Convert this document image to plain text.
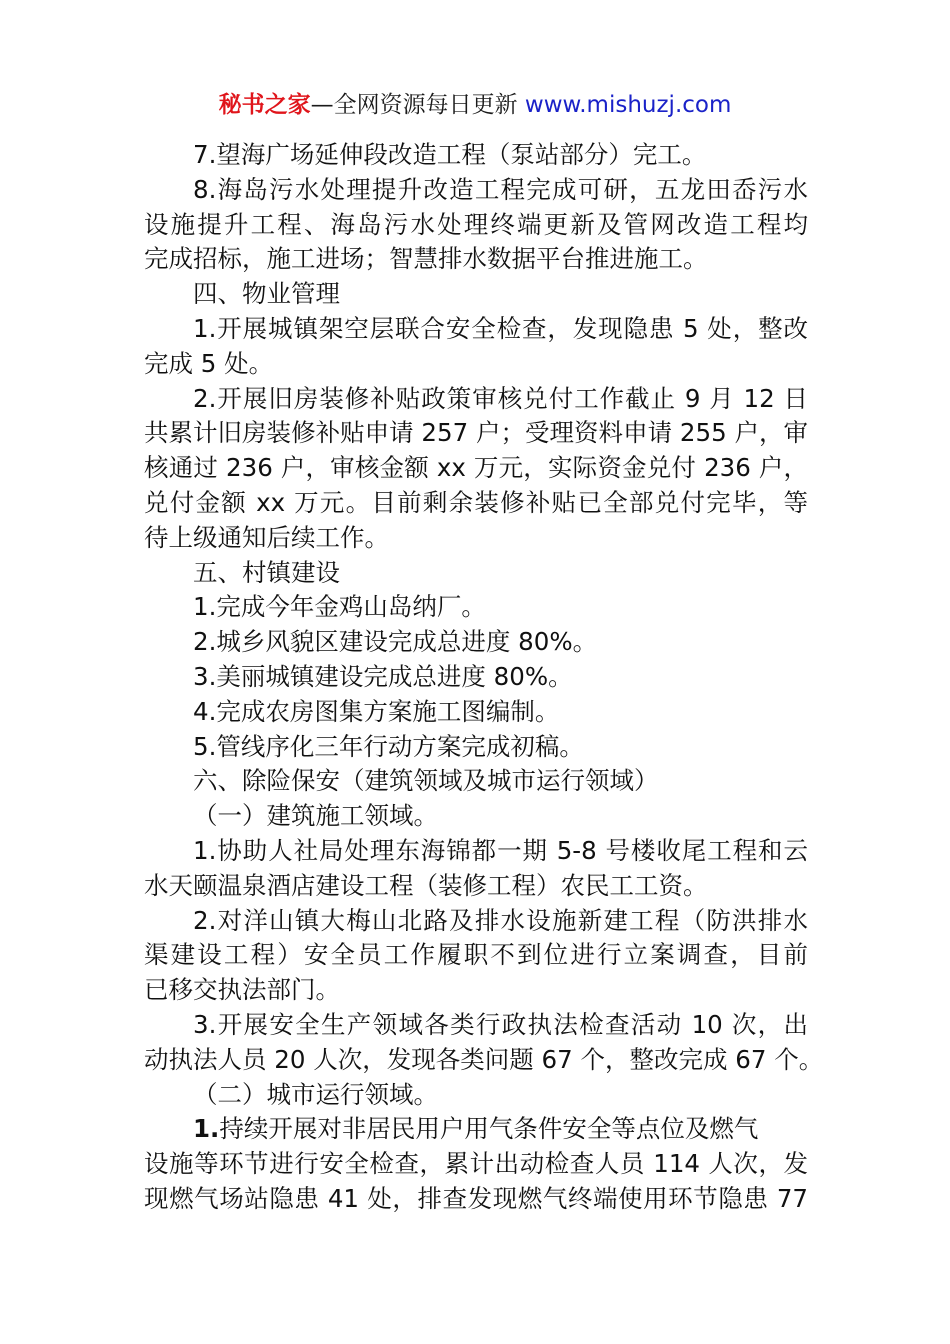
秘书之家—全网资源每日更新 www.mishuzj.com

7.望海广场延伸段改造工程（泵站部分）完工。

8.海岛污水处理提升改造工程完成可研，五龙田岙污水

设施提升工程、海岛污水处理终端更新及管网改造工程均

完成招标，施工进场；智慧排水数据平台推进施工。

四、物业管理

1.开展城镇架空层联合安全检查，发现隐患 5 处，整改

完成 5 处。

2.开展旧房装修补贴政策审核兑付工作截止 9 月 12 日

共累计旧房装修补贴申请 257 户；受理资料申请 255 户，审

核通过 236 户，审核金额 xx 万元，实际资金兑付 236 户，

兑付金额 xx 万元。目前剩余装修补贴已全部兑付完毕，等

待上级通知后续工作。

五、村镇建设

1.完成今年金鸡山岛纳厂。

2.城乡风貌区建设完成总进度 80%。

3.美丽城镇建设完成总进度 80%。

4.完成农房图集方案施工图编制。

5.管线序化三年行动方案完成初稿。

六、除险保安（建筑领域及城市运行领域）

（一）建筑施工领域。

1.协助人社局处理东海锦都一期 5-8 号楼收尾工程和云

水天颐温泉酒店建设工程（装修工程）农民工工资。

2.对洋山镇大梅山北路及排水设施新建工程（防洪排水

渠建设工程）安全员工作履职不到位进行立案调查，目前

已移交执法部门。

3.开展安全生产领域各类行政执法检查活动 10 次，出

动执法人员 20 人次，发现各类问题 67 个，整改完成 67 个。

（二）城市运行领域。

1.持续开展对非居民用户用气条件安全等点位及燃气

设施等环节进行安全检查，累计出动检查人员 114 人次，发

现燃气场站隐患 41 处，排查发现燃气终端使用环节隐患 77
